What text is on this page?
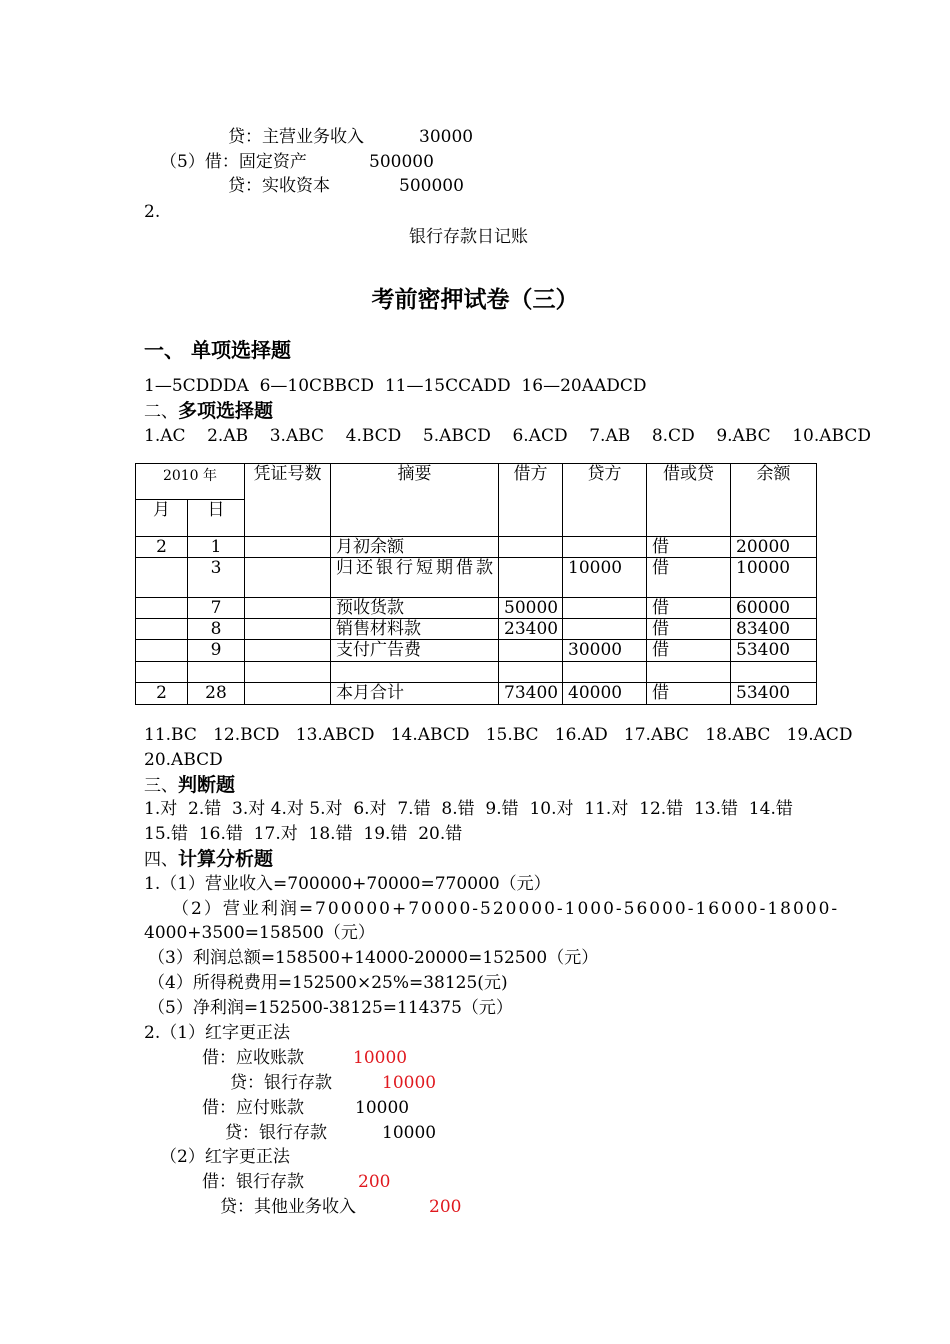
贷：主营业务收入	30000
（5）借：固定资产	500000
贷：实收资本	500000
2.
银行存款日记账
考前密押试卷（三）
一、 单项选择题
1—5CDDDA  6—10CBBCD  11—15CCADD  16—20AADCD
二、多项选择题
1.AC    2.AB    3.ABC    4.BCD    5.ABCD    6.ACD    7.AB    8.CD    9.ABC    10.ABCD
2010 年		凭证号数	摘要	借方	贷方	借或贷	余额
月	日						
2	1		月初余额			借	20000
	3		归还银行短期借款		10000	借	10000
	7		预收货款	50000		借	60000
	8		销售材料款	23400		借	83400
	9		支付广告费		30000	借	53400

2	28		本月合计	73400	40000	借	53400
11.BC   12.BCD   13.ABCD   14.ABCD   15.BC   16.AD   17.ABC   18.ABC   19.ACD
20.ABCD
三、判断题
1.对  2.错  3.对 4.对 5.对  6.对  7.错  8.错  9.错  10.对  11.对  12.错  13.错  14.错
15.错  16.错  17.对  18.错  19.错  20.错
四、计算分析题
1.（1）营业收入=700000+70000=770000（元）
（2）营业利润=700000+70000-520000-1000-56000-16000-18000-
4000+3500=158500（元）
（3）利润总额=158500+14000-20000=152500（元）
（4）所得税费用=152500×25%=38125(元)
（5）净利润=152500-38125=114375（元）
2.（1）红字更正法
借：应收账款	10000
贷：银行存款	10000
借：应付账款	10000
贷：银行存款	10000
（2）红字更正法
借：银行存款	200
贷：其他业务收入	200
